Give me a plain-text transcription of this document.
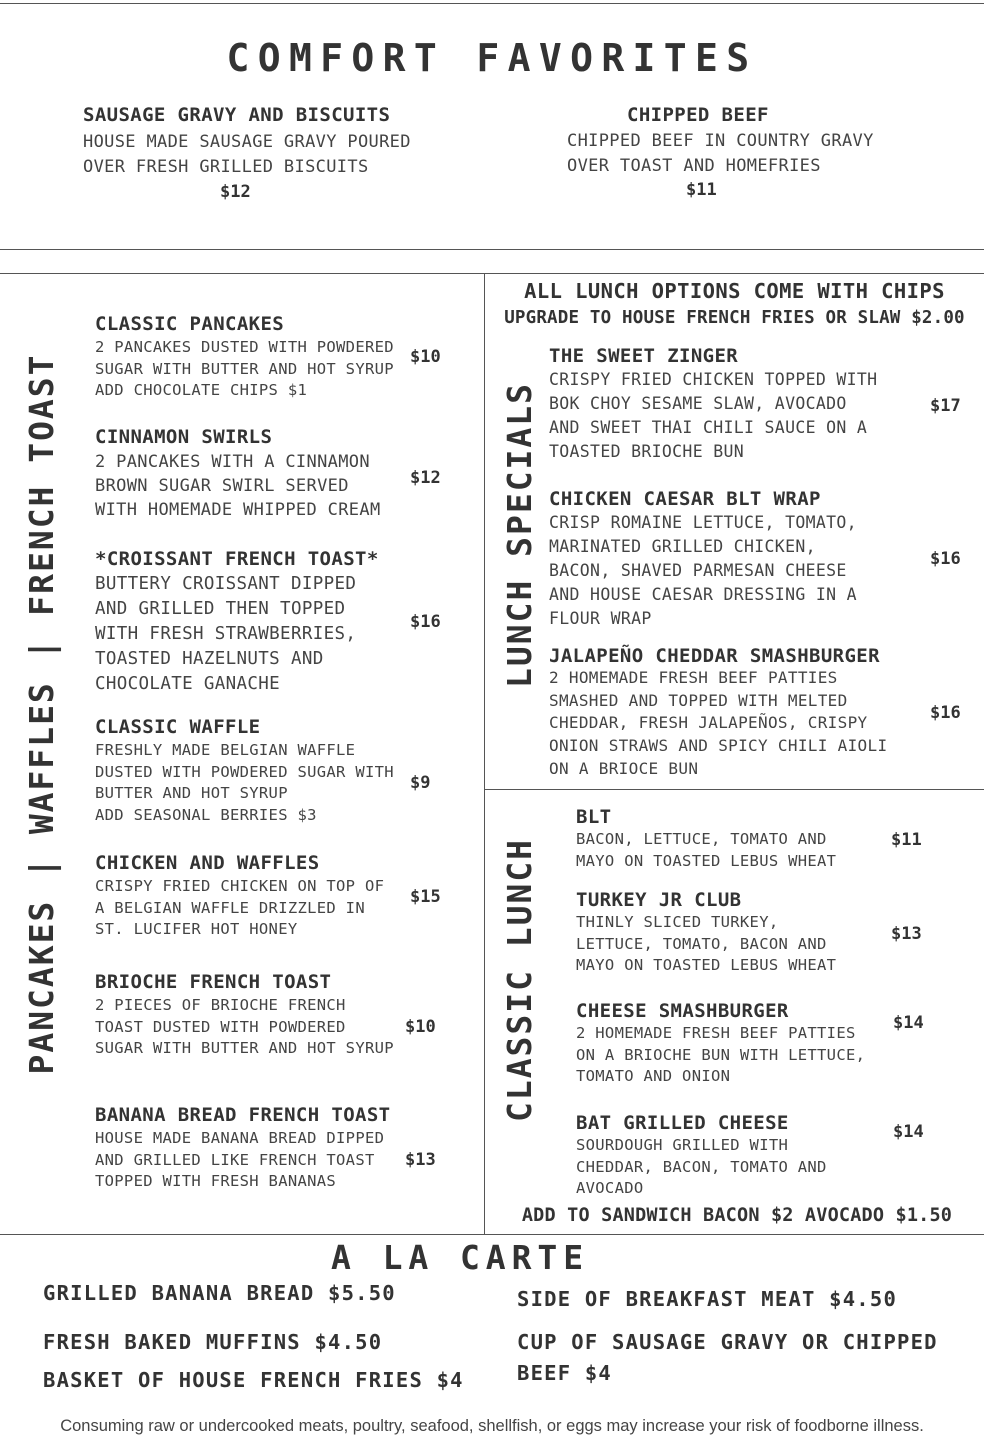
COMFORT FAVORITES
SAUSAGE GRAVY AND BISCUITS
HOUSE MADE SAUSAGE GRAVY POURED
OVER FRESH GRILLED BISCUITS
$12
CHIPPED BEEF
CHIPPED BEEF IN COUNTRY GRAVY
OVER TOAST AND HOMEFRIES
$11
PANCAKES | WAFFLES | FRENCH TOAST
CLASSIC PANCAKES
2 PANCAKES DUSTED WITH POWDERED
SUGAR WITH BUTTER AND HOT SYRUP
ADD CHOCOLATE CHIPS $1
$10
CINNAMON SWIRLS
2 PANCAKES WITH A CINNAMON
BROWN SUGAR SWIRL SERVED
WITH HOMEMADE WHIPPED CREAM
$12
*CROISSANT FRENCH TOAST*
BUTTERY CROISSANT DIPPED
AND GRILLED THEN TOPPED
WITH FRESH STRAWBERRIES,
TOASTED HAZELNUTS AND
CHOCOLATE GANACHE
$16
CLASSIC WAFFLE
FRESHLY MADE BELGIAN WAFFLE
DUSTED WITH POWDERED SUGAR WITH
BUTTER AND HOT SYRUP
ADD SEASONAL BERRIES $3
$9
CHICKEN AND WAFFLES
CRISPY FRIED CHICKEN ON TOP OF
A BELGIAN WAFFLE DRIZZLED IN
ST. LUCIFER HOT HONEY
$15
BRIOCHE FRENCH TOAST
2 PIECES OF BRIOCHE FRENCH
TOAST DUSTED WITH POWDERED
SUGAR WITH BUTTER AND HOT SYRUP
$10
BANANA BREAD FRENCH TOAST
HOUSE MADE BANANA BREAD DIPPED
AND GRILLED LIKE FRENCH TOAST
TOPPED WITH FRESH BANANAS
$13
ALL LUNCH OPTIONS COME WITH CHIPS
UPGRADE TO HOUSE FRENCH FRIES OR SLAW $2.00
LUNCH SPECIALS
THE SWEET ZINGER
CRISPY FRIED CHICKEN TOPPED WITH
BOK CHOY SESAME SLAW, AVOCADO
AND SWEET THAI CHILI SAUCE ON A
TOASTED BRIOCHE BUN
$17
CHICKEN CAESAR BLT WRAP
CRISP ROMAINE LETTUCE, TOMATO,
MARINATED GRILLED CHICKEN,
BACON, SHAVED PARMESAN CHEESE
AND HOUSE CAESAR DRESSING IN A
FLOUR WRAP
$16
JALAPEÑO CHEDDAR SMASHBURGER
2 HOMEMADE FRESH BEEF PATTIES
SMASHED AND TOPPED WITH MELTED
CHEDDAR, FRESH JALAPEÑOS, CRISPY
ONION STRAWS AND SPICY CHILI AIOLI
ON A BRIOCE BUN
$16
CLASSIC LUNCH
BLT
BACON, LETTUCE, TOMATO AND
MAYO ON TOASTED LEBUS WHEAT
$11
TURKEY JR CLUB
THINLY SLICED TURKEY,
LETTUCE, TOMATO, BACON AND
MAYO ON TOASTED LEBUS WHEAT
$13
CHEESE SMASHBURGER
2 HOMEMADE FRESH BEEF PATTIES
ON A BRIOCHE BUN WITH LETTUCE,
TOMATO AND ONION
$14
BAT GRILLED CHEESE
SOURDOUGH GRILLED WITH
CHEDDAR, BACON, TOMATO AND
AVOCADO
$14
ADD TO SANDWICH BACON $2 AVOCADO $1.50
A LA CARTE
GRILLED BANANA BREAD $5.50
FRESH BAKED MUFFINS $4.50
BASKET OF HOUSE FRENCH FRIES $4
SIDE OF BREAKFAST MEAT $4.50
CUP OF SAUSAGE GRAVY OR CHIPPED
BEEF $4
Consuming raw or undercooked meats, poultry, seafood, shellfish, or eggs may increase your risk of foodborne illness.
